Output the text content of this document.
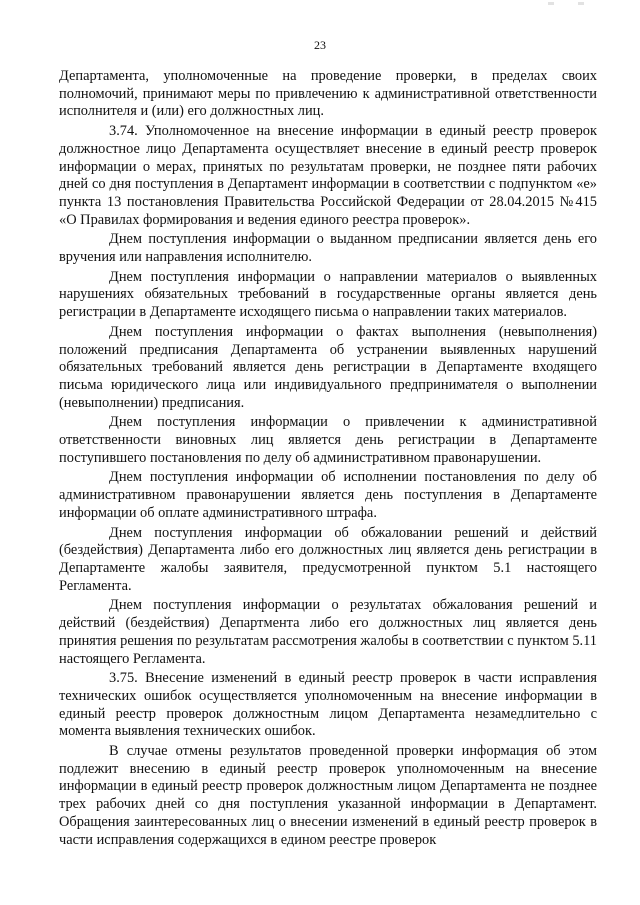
23

Департамента, уполномоченные на проведение проверки, в пределах своих полномочий, принимают меры по привлечению к административной ответственности исполнителя и (или) его должностных лиц.

3.74. Уполномоченное на внесение информации в единый реестр проверок должностное лицо Департамента осуществляет внесение в единый реестр проверок информации о мерах, принятых по результатам проверки, не позднее пяти рабочих дней со дня поступления в Департамент информации в соответствии с подпунктом «е» пункта 13 постановления Правительства Российской Федерации от 28.04.2015 №415 «О Правилах формирования и ведения единого реестра проверок».

Днем поступления информации о выданном предписании является день его вручения или направления исполнителю.

Днем поступления информации о направлении материалов о выявленных нарушениях обязательных требований в государственные органы является день регистрации в Департаменте исходящего письма о направлении таких материалов.

Днем поступления информации о фактах выполнения (невыполнения) положений предписания Департамента об устранении выявленных нарушений обязательных требований является день регистрации в Департаменте входящего письма юридического лица или индивидуального предпринимателя о выполнении (невыполнении) предписания.

Днем поступления информации о привлечении к административной ответственности виновных лиц является день регистрации в Департаменте поступившего постановления по делу об административном правонарушении.

Днем поступления информации об исполнении постановления по делу об административном правонарушении является день поступления в Департаменте информации об оплате административного штрафа.

Днем поступления информации об обжаловании решений и действий (бездействия) Департамента либо его должностных лиц является день регистрации в Департаменте жалобы заявителя, предусмотренной пунктом 5.1 настоящего Регламента.

Днем поступления информации о результатах обжалования решений и действий (бездействия) Департмента либо его должностных лиц является день принятия решения по результатам рассмотрения жалобы в соответствии с пунктом 5.11 настоящего Регламента.

3.75. Внесение изменений в единый реестр проверок в части исправления технических ошибок осуществляется уполномоченным на внесение информации в единый реестр проверок должностным лицом Департамента незамедлительно с момента выявления технических ошибок.

В случае отмены результатов проведенной проверки информация об этом подлежит внесению в единый реестр проверок уполномоченным на внесение информации в единый реестр проверок должностным лицом Департамента не позднее трех рабочих дней со дня поступления указанной информации в Департамент. Обращения заинтересованных лиц о внесении изменений в единый реестр проверок в части исправления содержащихся в едином реестре проверок
